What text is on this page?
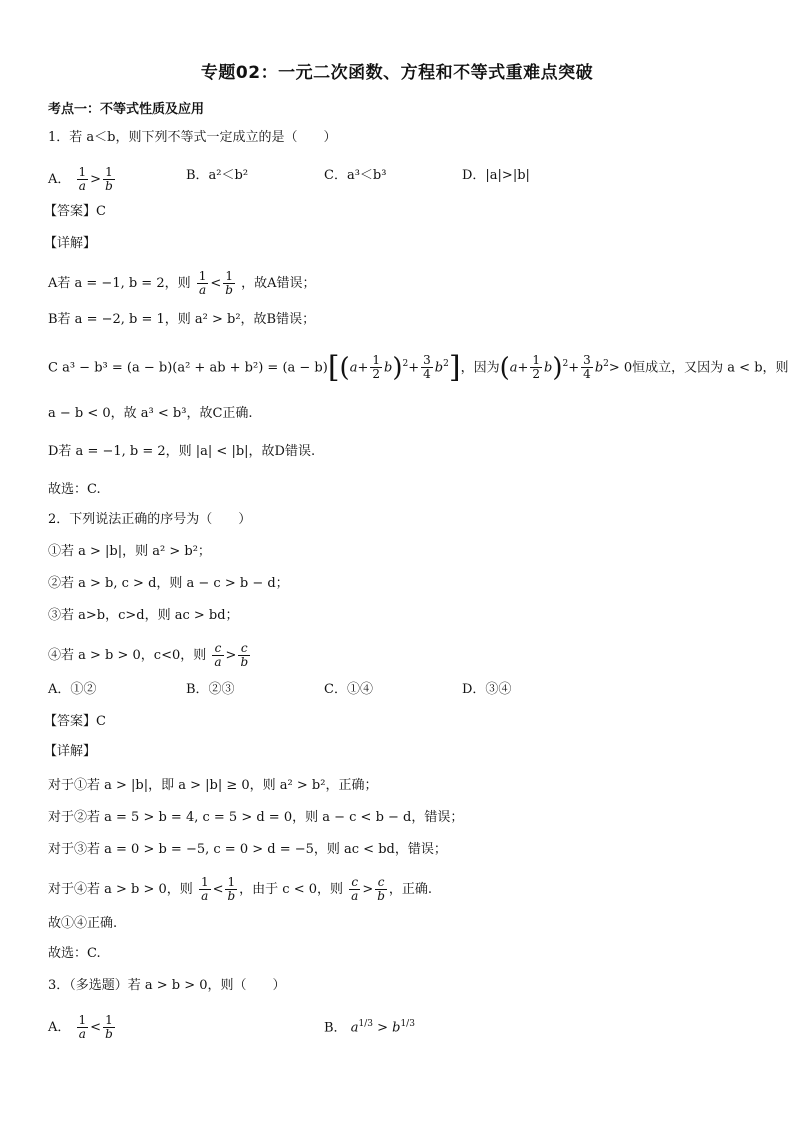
专题02：一元二次函数、方程和不等式重难点突破
考点一：不等式性质及应用
1．若 a＜b，则下列不等式一定成立的是（　　）
A． $\frac{1}{a} > \frac{1}{b}$	B．a²＜b²	C．a³＜b³	D．|a|>|b|
【答案】C
【详解】
A若 a = −1, b = 2，则 $\frac{1}{a} < \frac{1}{b}$ ，故A错误；
B若 a = −2, b = 1，则 a² > b²，故B错误；
C a³ − b³ = (a − b)(a² + ab + $b^2) = (a - b)[(a+ \frac{1}{2} b)^2+ \frac{3}{4} b^2]$，因为$(a+ \frac{1}{2} b)^2+ \frac{3}{4} b^2> 0$恒成立，又因为 a < b，则
a − b < 0，故 a³ < b³，故C正确.
D若 a = −1, b = 2，则 |a| < |b|，故D错误.
故选：C.
2．下列说法正确的序号为（　　）
①若 a > |b|，则 a² > b²；
②若 a > b, c > d，则 a − c > b − d；
③若 a>b，c>d，则 ac > bd；
④若 a > b > 0，c<0，则 $\frac{c}{a} > \frac{c}{b}$
A．①②	B．②③	C．①④	D．③④
【答案】C
【详解】
对于①若 a > |b|，即 a > |b| ≥ 0，则 a² > b²，正确；
对于②若 a = 5 > b = 4, c = 5 > d = 0，则 a − c < b − d，错误；
对于③若 a = 0 > b = −5, c = 0 > d = −5，则 ac < bd，错误；
对于④若 a > b > 0，则 $\frac{1}{a} < \frac{1}{b}$ ，由于 c < 0，则 $\frac{c}{a} > \frac{c}{b}$ ，正确.
故①④正确.
故选：C.
3．（多选题）若 a > b > 0，则（　　）
A． $\frac{1}{a} < \frac{1}{b}$	B． $a^{1/3} > b^{1/3}$
